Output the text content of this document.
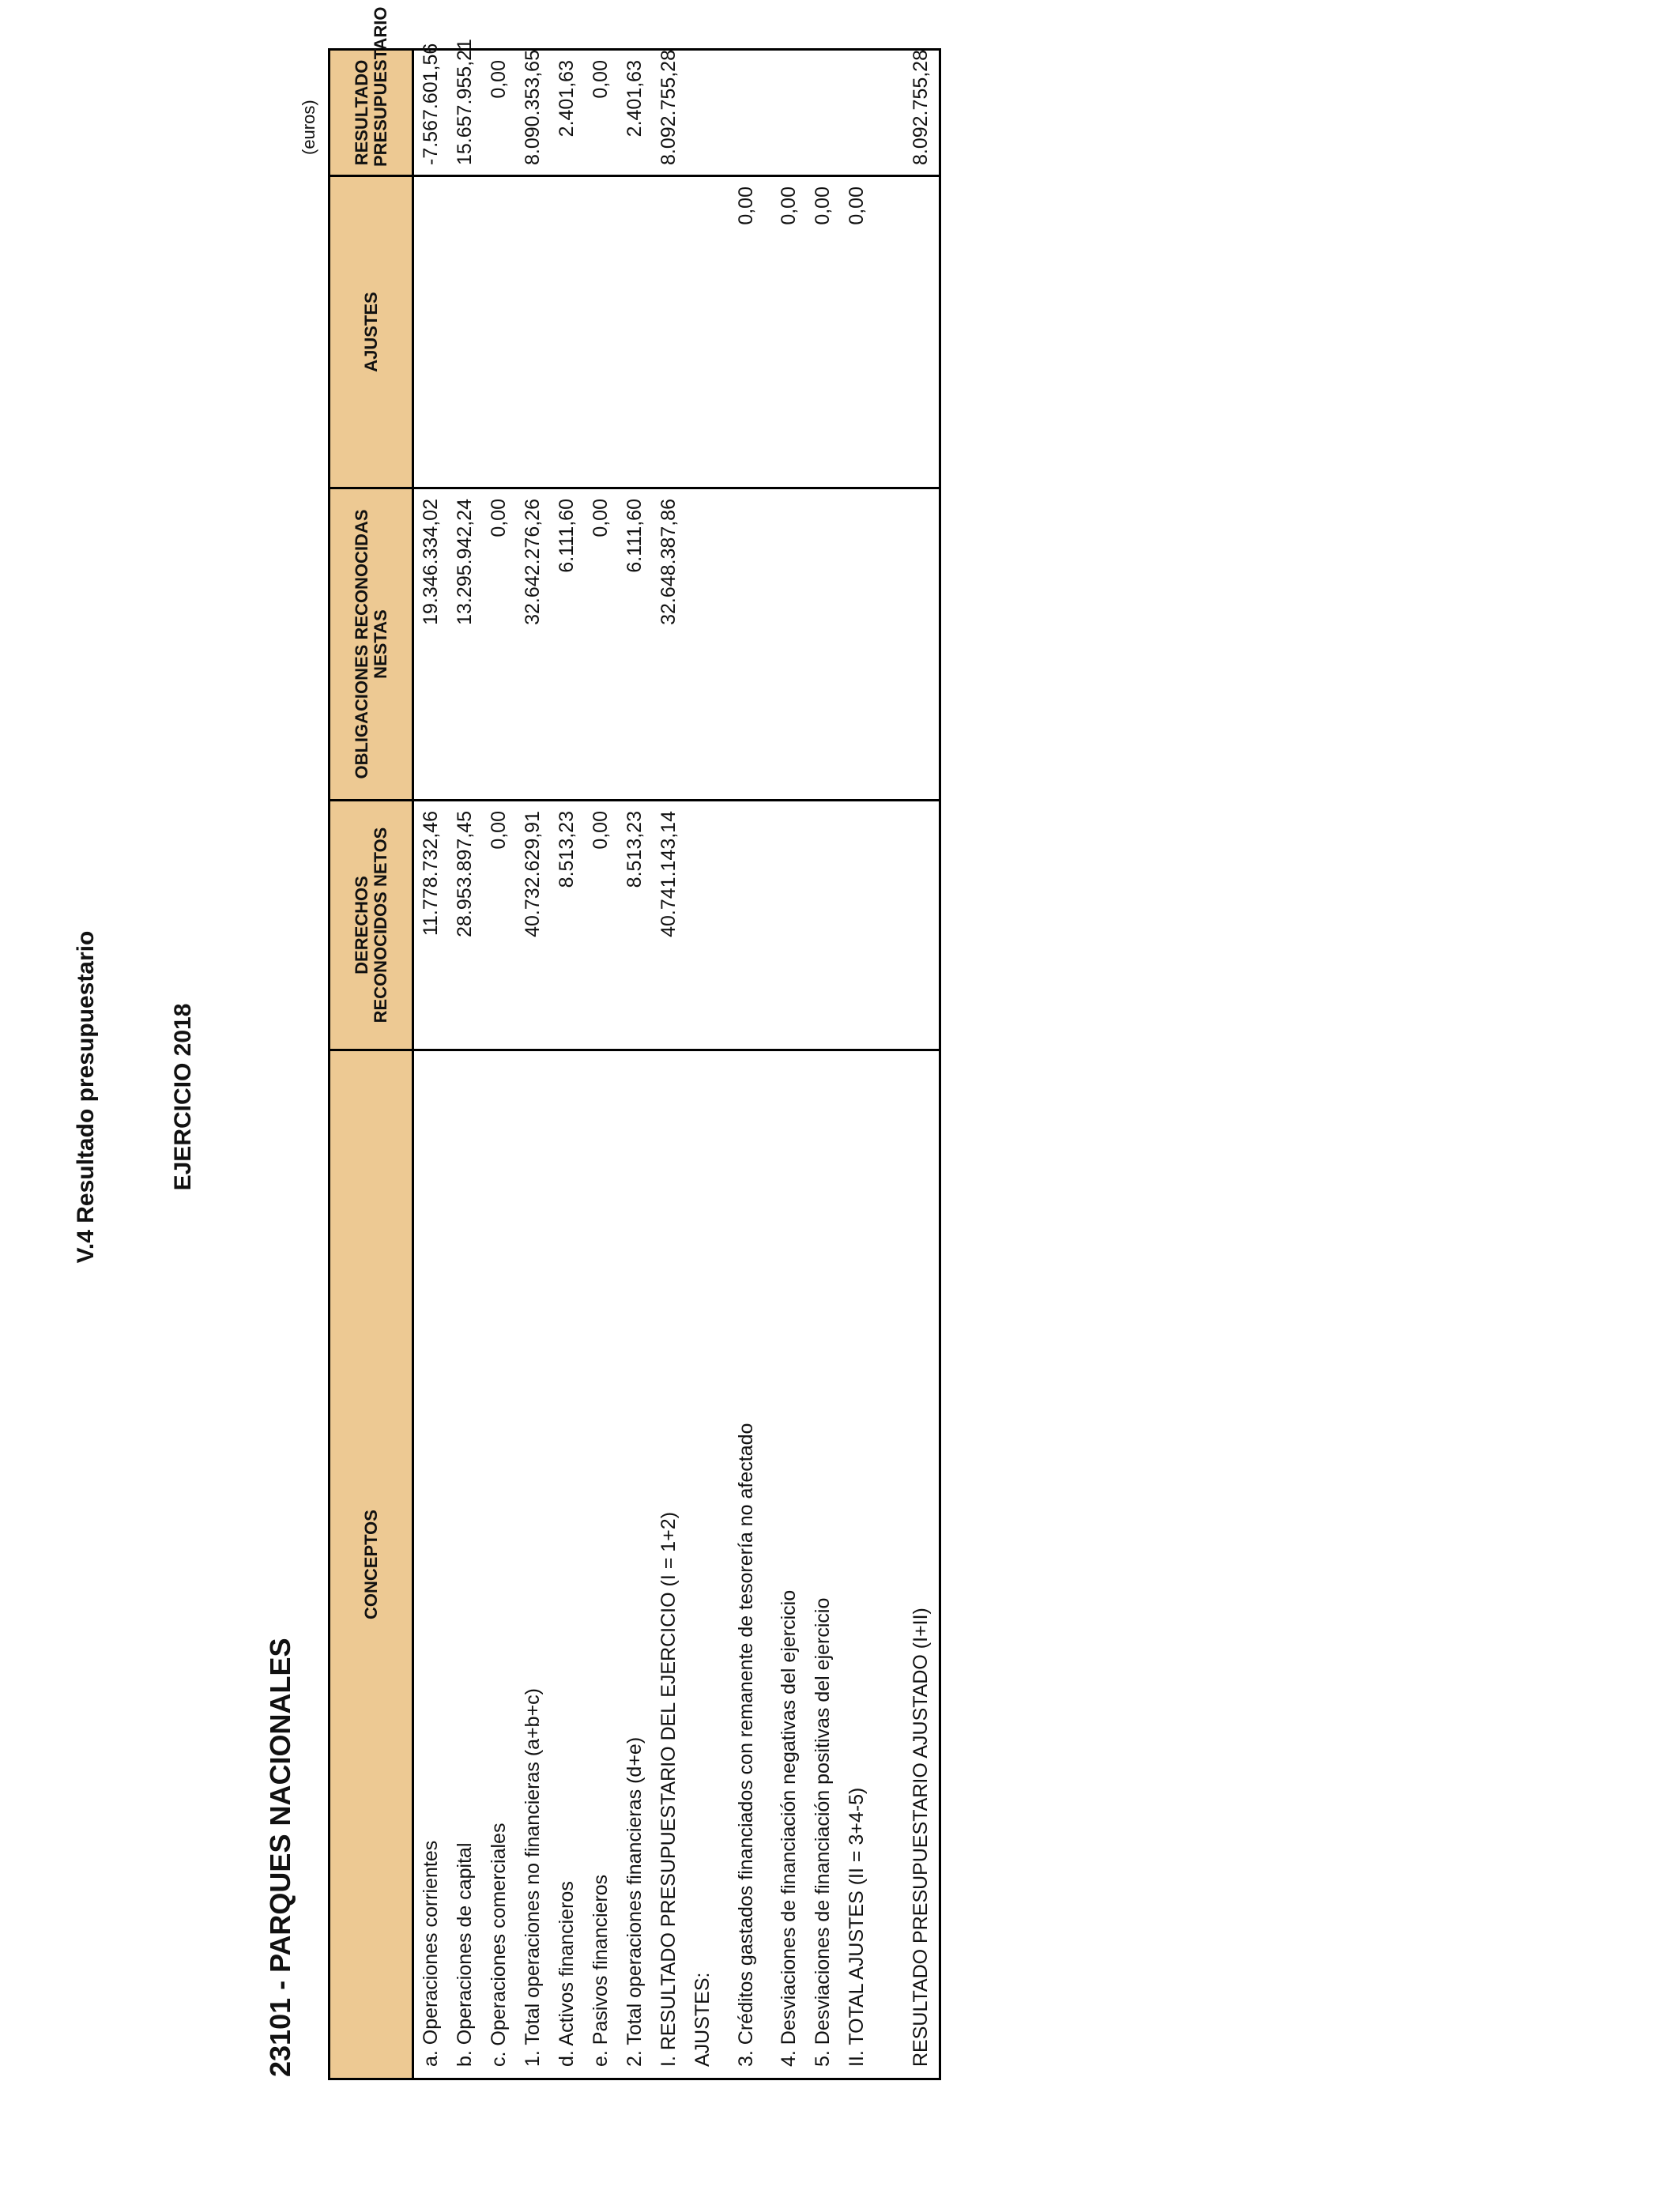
V.4 Resultado presupuestario	EJERCICIO 2018
23101 - PARQUES NACIONALES
(euros)
CONCEPTOS	DERECHOS RECONOCIDOS NETOS	OBLIGACIONES RECONOCIDAS NESTAS	AJUSTES	RESULTADO PRESUPUESTARIO
a. Operaciones corrientes	11.778.732,46	19.346.334,02		-7.567.601,56
b. Operaciones de capital	28.953.897,45	13.295.942,24		15.657.955,21
c. Operaciones comerciales	0,00	0,00		0,00
1. Total operaciones no financieras (a+b+c)	40.732.629,91	32.642.276,26		8.090.353,65
d. Activos financieros	8.513,23	6.111,60		2.401,63
e. Pasivos financieros	0,00	0,00		0,00
2. Total operaciones financieras (d+e)	8.513,23	6.111,60		2.401,63
I. RESULTADO PRESUPUESTARIO DEL EJERCICIO (I = 1+2)	40.741.143,14	32.648.387,86		8.092.755,28
AJUSTES:				
3. Créditos gastados financiados con remanente de tesorería no afectado			0,00	
4. Desviaciones de financiación negativas del ejercicio			0,00	
5. Desviaciones de financiación positivas del ejercicio			0,00	
II. TOTAL AJUSTES (II = 3+4-5)			0,00	

RESULTADO PRESUPUESTARIO AJUSTADO (I+II)				8.092.755,28
